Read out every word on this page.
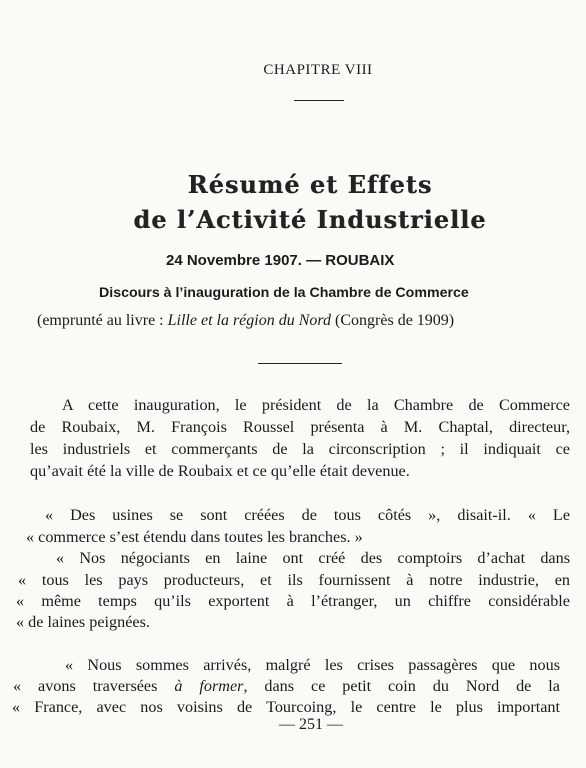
CHAPITRE VIII
Résumé et Effets
de l’Activité Industrielle
24 Novembre 1907. — ROUBAIX
Discours à l’inauguration de la Chambre de Commerce
(emprunté au livre : Lille et la région du Nord (Congrès de 1909)
A cette inauguration, le président de la Chambre de Commerce
de Roubaix, M. François Roussel présenta à M. Chaptal, directeur,
les industriels et commerçants de la circonscription ; il indiquait ce
qu’avait été la ville de Roubaix et ce qu’elle était devenue.
« Des usines se sont créées de tous côtés », disait-il. « Le
« commerce s’est étendu dans toutes les branches. »
« Nos négociants en laine ont créé des comptoirs d’achat dans
« tous les pays producteurs, et ils fournissent à notre industrie, en
« même temps qu’ils exportent à l’étranger, un chiffre considérable
« de laines peignées.
« Nous sommes arrivés, malgré les crises passagères que nous
« avons traversées à former, dans ce petit coin du Nord de la
« France, avec nos voisins de Tourcoing, le centre le plus important
— 251 —
